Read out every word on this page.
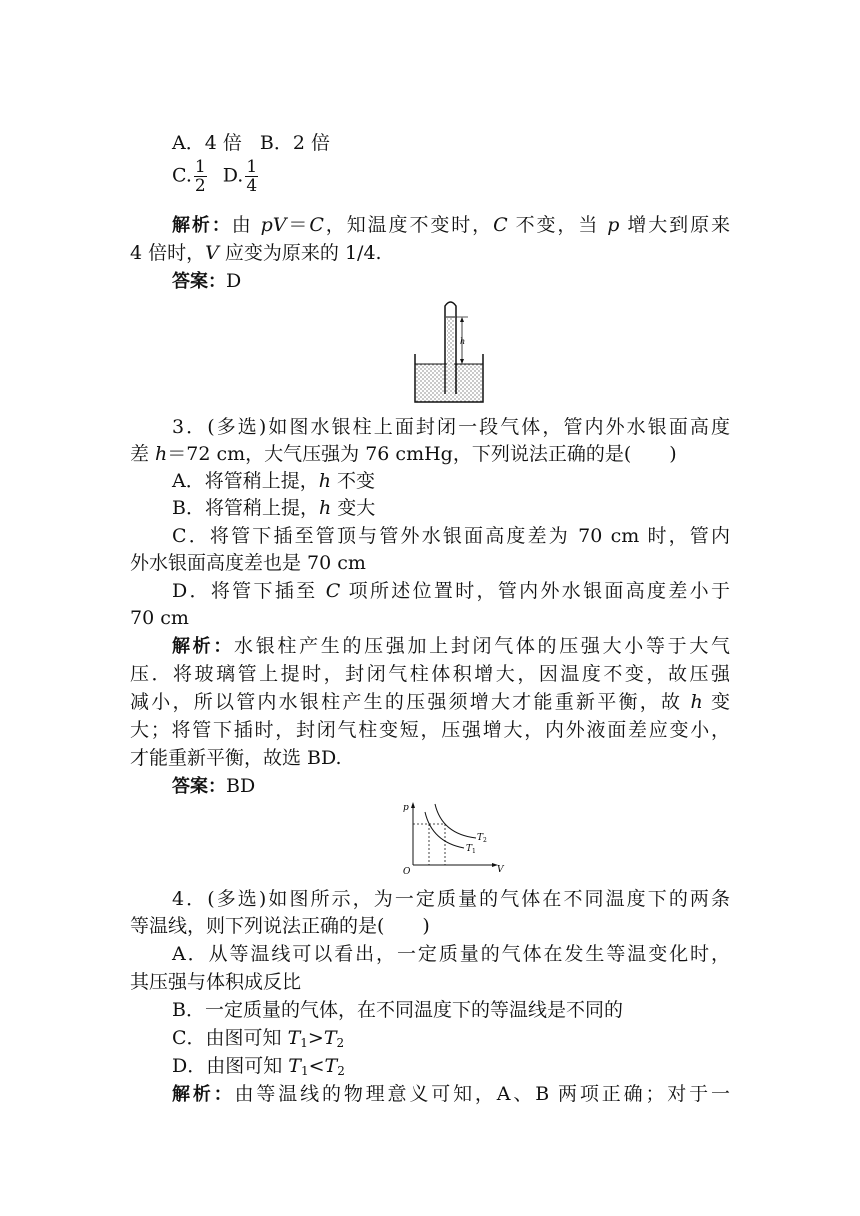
A．4 倍 B．2 倍
C. $\frac{1}{2} D$. $\frac{1}{4}$
解析：由 pV＝C，知温度不变时，C 不变，当 p 增大到原来
4 倍时，V 应变为原来的 1/4.
答案：D
h
3．(多选)如图水银柱上面封闭一段气体，管内外水银面高度
差 h＝72 cm，大气压强为 76 cmHg，下列说法正确的是(　　)
A．将管稍上提，h 不变
B．将管稍上提，h 变大
C．将管下插至管顶与管外水银面高度差为 70 cm 时，管内
外水银面高度差也是 70 cm
D．将管下插至 C 项所述位置时，管内外水银面高度差小于
70 cm
解析：水银柱产生的压强加上封闭气体的压强大小等于大气
压．将玻璃管上提时，封闭气柱体积增大，因温度不变，故压强
减小，所以管内水银柱产生的压强须增大才能重新平衡，故 h 变
大；将管下插时，封闭气柱变短，压强增大，内外液面差应变小，
才能重新平衡，故选 BD.
答案：BD
p
V
O
$T_2$
$T_1$
4．(多选)如图所示，为一定质量的气体在不同温度下的两条
等温线，则下列说法正确的是(　　)
A．从等温线可以看出，一定质量的气体在发生等温变化时，
其压强与体积成反比
B．一定质量的气体，在不同温度下的等温线是不同的
C．由图可知 $T_1>T_2$
D．由图可知 $T_1<T_2$
解析：由等温线的物理意义可知，A、B 两项正确；对于一
